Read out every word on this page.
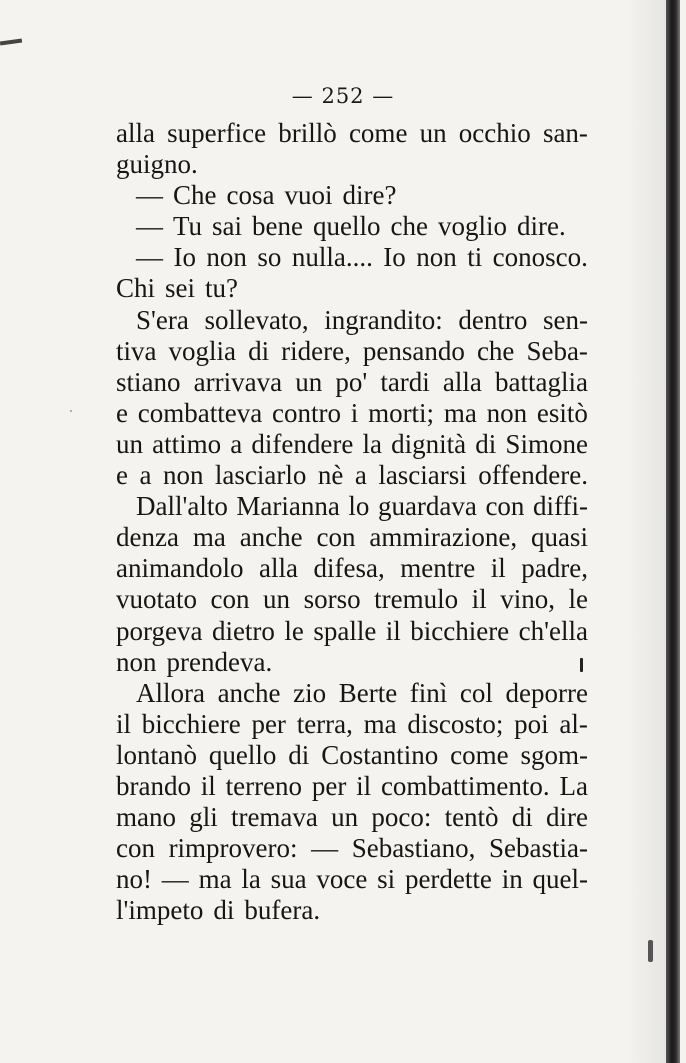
— 252 —
alla superfice brillò come un occhio san-
guigno.
— Che cosa vuoi dire?
— Tu sai bene quello che voglio dire.
— Io non so nulla.... Io non ti conosco.
Chi sei tu?
S'era sollevato, ingrandito: dentro sen-
tiva voglia di ridere, pensando che Seba-
stiano arrivava un po' tardi alla battaglia
e combatteva contro i morti; ma non esitò
un attimo a difendere la dignità di Simone
e a non lasciarlo nè a lasciarsi offendere.
Dall'alto Marianna lo guardava con diffi-
denza ma anche con ammirazione, quasi
animandolo alla difesa, mentre il padre,
vuotato con un sorso tremulo il vino, le
porgeva dietro le spalle il bicchiere ch'ella
non prendeva.
Allora anche zio Berte finì col deporre
il bicchiere per terra, ma discosto; poi al-
lontanò quello di Costantino come sgom-
brando il terreno per il combattimento. La
mano gli tremava un poco: tentò di dire
con rimprovero: — Sebastiano, Sebastia-
no! — ma la sua voce si perdette in quel-
l'impeto di bufera.
